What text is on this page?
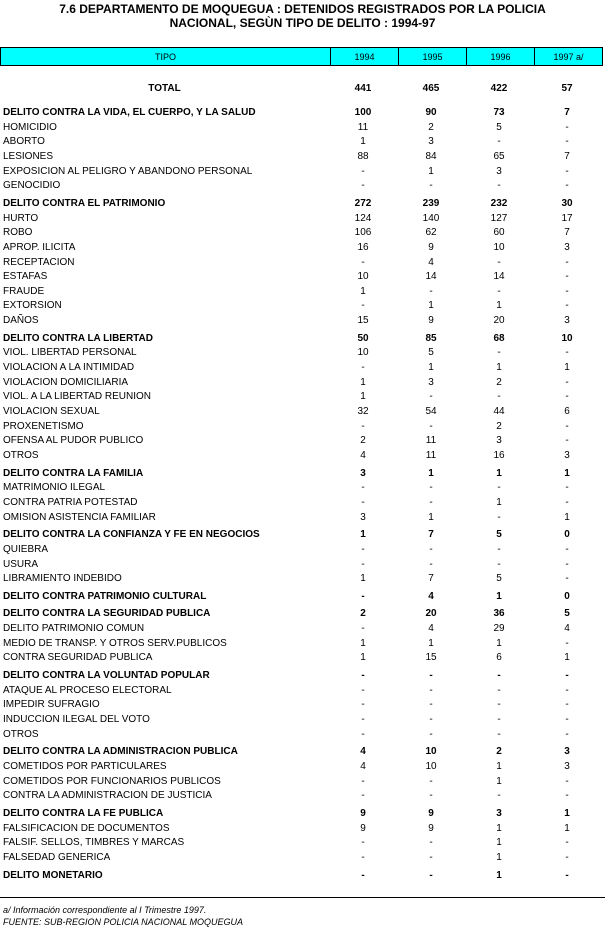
7.6 DEPARTAMENTO DE MOQUEGUA : DETENIDOS REGISTRADOS POR LA POLICIA
NACIONAL, SEGÙN TIPO DE DELITO : 1994-97
TIPO	1994	1995	1996	1997 a/
TOTAL	441	465	422	57
DELITO CONTRA LA VIDA, EL CUERPO, Y LA SALUD	100	90	73	7
HOMICIDIO	11	2	5	-
ABORTO	1	3	-	-
LESIONES	88	84	65	7
EXPOSICION AL PELIGRO Y ABANDONO PERSONAL	-	1	3	-
GENOCIDIO	-	-	-	-
DELITO CONTRA EL PATRIMONIO	272	239	232	30
HURTO	124	140	127	17
ROBO	106	62	60	7
APROP. ILICITA	16	9	10	3
RECEPTACION	-	4	-	-
ESTAFAS	10	14	14	-
FRAUDE	1	-	-	-
EXTORSION	-	1	1	-
DAÑOS	15	9	20	3
DELITO CONTRA LA LIBERTAD	50	85	68	10
VIOL. LIBERTAD PERSONAL	10	5	-	-
VIOLACION A LA INTIMIDAD	-	1	1	1
VIOLACION DOMICILIARIA	1	3	2	-
VIOL. A LA LIBERTAD REUNION	1	-	-	-
VIOLACION SEXUAL	32	54	44	6
PROXENETISMO	-	-	2	-
OFENSA AL PUDOR PUBLICO	2	11	3	-
OTROS	4	11	16	3
DELITO CONTRA LA FAMILIA	3	1	1	1
MATRIMONIO ILEGAL	-	-	-	-
CONTRA PATRIA POTESTAD	-	-	1	-
OMISION ASISTENCIA FAMILIAR	3	1	-	1
DELITO CONTRA LA CONFIANZA Y FE EN NEGOCIOS	1	7	5	0
QUIEBRA	-	-	-	-
USURA	-	-	-	-
LIBRAMIENTO INDEBIDO	1	7	5	-
DELITO CONTRA PATRIMONIO CULTURAL	-	4	1	0
DELITO CONTRA LA SEGURIDAD PUBLICA	2	20	36	5
DELITO PATRIMONIO COMUN	-	4	29	4
MEDIO DE TRANSP. Y OTROS SERV.PUBLICOS	1	1	1	-
CONTRA SEGURIDAD PUBLICA	1	15	6	1
DELITO CONTRA LA VOLUNTAD POPULAR	-	-	-	-
ATAQUE AL PROCESO ELECTORAL	-	-	-	-
IMPEDIR SUFRAGIO	-	-	-	-
INDUCCION ILEGAL DEL VOTO	-	-	-	-
OTROS	-	-	-	-
DELITO CONTRA LA ADMINISTRACION PUBLICA	4	10	2	3
COMETIDOS POR PARTICULARES	4	10	1	3
COMETIDOS POR FUNCIONARIOS PUBLICOS	-	-	1	-
CONTRA LA ADMINISTRACION DE JUSTICIA	-	-	-	-
DELITO CONTRA LA FE PUBLICA	9	9	3	1
FALSIFICACION DE DOCUMENTOS	9	9	1	1
FALSIF. SELLOS, TIMBRES Y MARCAS	-	-	1	-
FALSEDAD GENERICA	-	-	1	-
DELITO MONETARIO	-	-	1	-
a/ Información correspondiente al I Trimestre 1997.
FUENTE: SUB-REGION POLICIA NACIONAL MOQUEGUA
